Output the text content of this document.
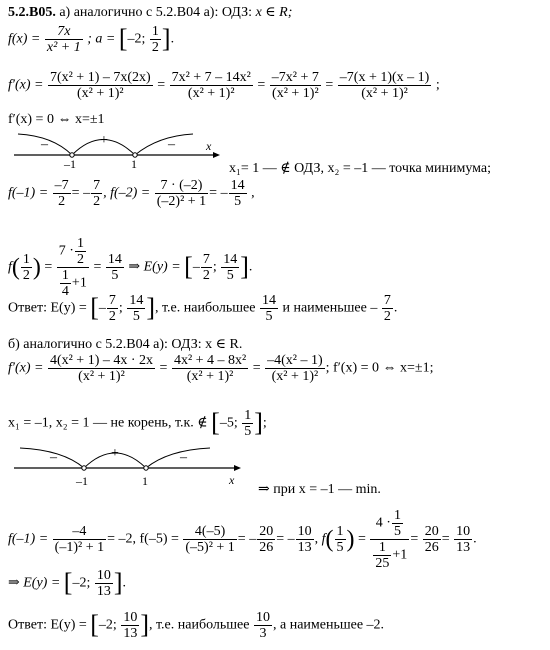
5.2.В05. а) аналогично с 5.2.В04 а): ОДЗ: x ∈ R;
$f(x) = \frac{7x}{\text{x² + 1}}$ ; a = [–2; $\frac{1}{2}$ ].
$f'(x) = \frac{\text{7(x² + 1) – 7x(2x)}}{\text{(x² + 1)²}} = \frac{\text{7x² + 7 – 14x²}}{\text{(x² + 1)²}} = \frac{\text{–7x² + 7}}{\text{(x² + 1)²}} = \frac{-7(x + 1)(x - 1)}{\text{(x² + 1)²}}$ ;
f′(x) = 0 ⇔ x=±1
–	+	–
–1	1
x
x₁= 1 — ∉ ОДЗ, x₂ = –1 — точка минимума;
$f(-1) = \frac{-7}{2}$ = – $\frac{7}{2}$ , $f(-2) = \frac{7 \cdot (-2)}{\text{(–2)² + 1}}$ = – $\frac{14}{5}$ ,
$f( \frac{1}{2}$ ) = $\frac{7 \cdot \frac{1}{2}}{\frac{1}{4} +1} = \frac{14}{5}$ ⇒ E(y) = [– $\frac{7}{2}$ ; $\frac{14}{5}$ ].
Ответ: E(y) = [– $\frac{7}{2}$ ; $\frac{14}{5}$ ], т.е. наибольшее $\frac{14}{5}$ и наименьшее – $\frac{7}{2}$ .
б) аналогично с 5.2.В04 а): ОДЗ: x ∈ R.
$f'(x) = \frac{\text{4(x² + 1) – 4x · 2x}}{\text{(x² + 1)²}} = \frac{\text{4x² + 4 – 8x²}}{\text{(x² + 1)²}} = \frac{\text{–4(x² – 1)}}{\text{(x² + 1)²}}$ ; f′(x) = 0 ⇔ x=±1;
x₁ = –1, x₂ = 1 — не корень, т.к. ∉ [–5; $\frac{1}{5}$ ];
–	+	–
–1	1	x
⇒ при x = –1 — min.
$f(-1) = \frac{-4}{\text{(–1)² + 1}} = -2$, $f(-5) = \frac{4(-5)}{\text{(–5)² + 1}}$ = – $\frac{20}{26}$ = – $\frac{10}{13}$ , $f( \frac{1}{5}$ ) = $\frac{4 \cdot \frac{1}{5}}{\frac{1}{25} +1} = \frac{20}{26} = \frac{10}{13}$ .
⇒ E(y) = [–2; $\frac{10}{13}$ ].
Ответ: E(y) = [–2; $\frac{10}{13}$ ], т.е. наибольшее $\frac{10}{3}$ , а наименьшее –2.
